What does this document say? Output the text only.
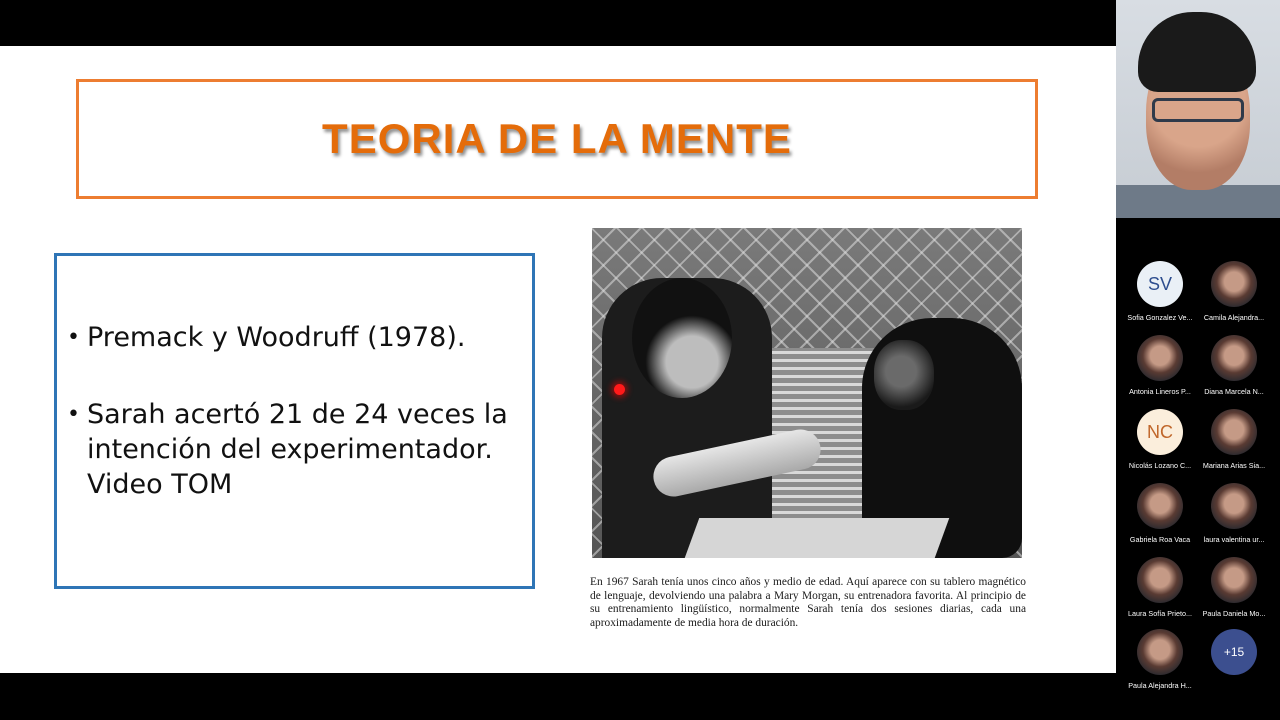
TEORIA DE LA MENTE
• Premack y Woodruff (1978).
• Sarah acertó 21 de 24 veces la intención del experimentador. Video TOM
En 1967 Sarah tenía unos cinco años y medio de edad. Aquí aparece con su tablero magnético de lenguaje, devolviendo una palabra a Mary Morgan, su entrenadora favorita. Al principio de su entrenamiento lingüístico, normalmente Sarah tenía dos sesiones diarias, cada una aproximadamente de media hora de duración.
SV
Sofia Gonzalez Ve...	Camila Alejandra...
Antonia Lineros P...	Diana Marcela N...
NC
Nicolás Lozano C...	Mariana Arias Sia...
Gabriela Roa Vaca	laura valentina ur...
Laura Sofía Prieto...	Paula Daniela Mo...
Paula Alejandra H...
+15
